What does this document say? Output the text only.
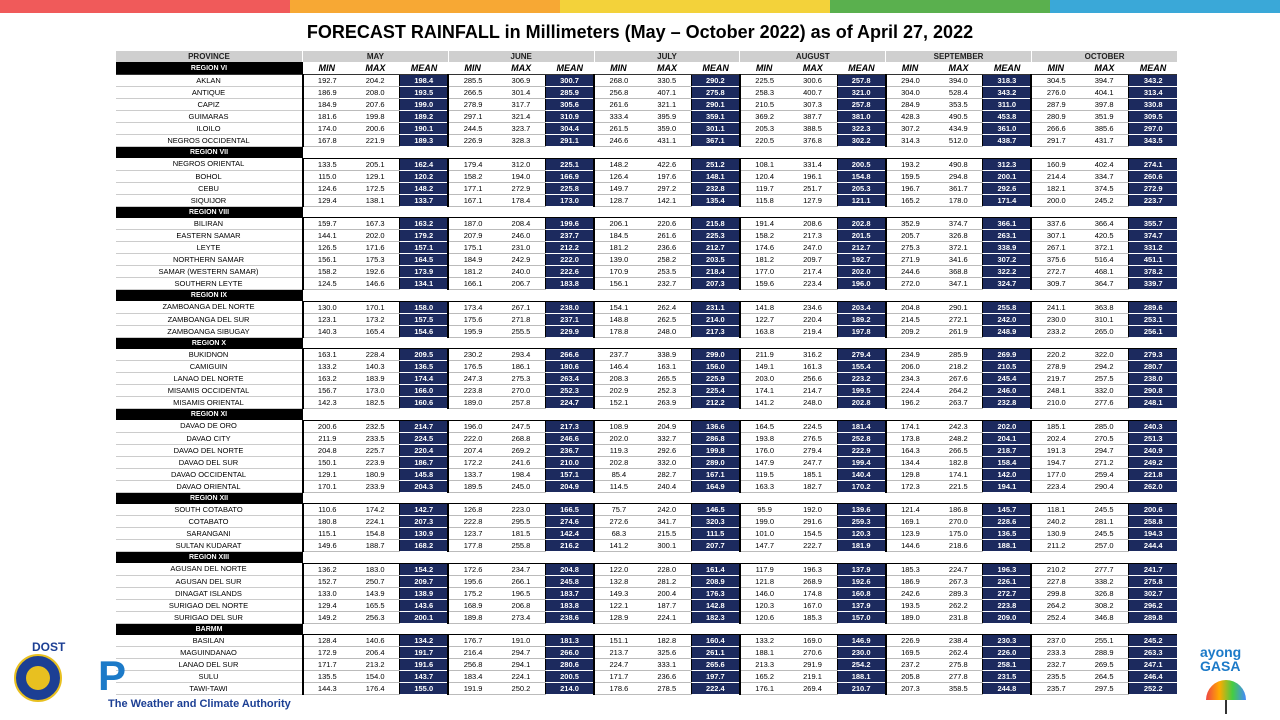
FORECAST RAINFALL in Millimeters (May – October 2022) as of April 27, 2022
PROVINCE	MAY			JUNE			JULY			AUGUST			SEPTEMBER			OCTOBER		
REGION VI	MIN	MAX	MEAN	MIN	MAX	MEAN	MIN	MAX	MEAN	MIN	MAX	MEAN	MIN	MAX	MEAN	MIN	MAX	MEAN
AKLAN	192.7	204.2	198.4	285.5	306.9	300.7	268.0	330.5	290.2	225.5	300.6	257.8	294.0	394.0	318.3	304.5	394.7	343.2
ANTIQUE	186.9	208.0	193.5	266.5	301.4	285.9	256.8	407.1	275.8	258.3	400.7	321.0	304.0	528.4	343.2	276.0	404.1	313.4
CAPIZ	184.9	207.6	199.0	278.9	317.7	305.6	261.6	321.1	290.1	210.5	307.3	257.8	284.9	353.5	311.0	287.9	397.8	330.8
GUIMARAS	181.6	199.8	189.2	297.1	321.4	310.9	333.4	395.9	359.1	369.2	387.7	381.0	428.3	490.5	453.8	280.9	351.9	309.5
ILOILO	174.0	200.6	190.1	244.5	323.7	304.4	261.5	359.0	301.1	205.3	388.5	322.3	307.2	434.9	361.0	266.6	385.6	297.0
NEGROS OCCIDENTAL	167.8	221.9	189.3	226.9	328.3	291.1	246.6	431.1	367.1	220.5	376.8	302.2	314.3	512.0	438.7	291.7	431.7	343.5
REGION VII																		
NEGROS ORIENTAL	133.5	205.1	162.4	179.4	312.0	225.1	148.2	422.6	251.2	108.1	331.4	200.5	193.2	490.8	312.3	160.9	402.4	274.1
BOHOL	115.0	129.1	120.2	158.2	194.0	166.9	126.4	197.6	148.1	120.4	196.1	154.8	159.5	294.8	200.1	214.4	334.7	260.6
CEBU	124.6	172.5	148.2	177.1	272.9	225.8	149.7	297.2	232.8	119.7	251.7	205.3	196.7	361.7	292.6	182.1	374.5	272.9
SIQUIJOR	129.4	138.1	133.7	167.1	178.4	173.0	128.7	142.1	135.4	115.8	127.9	121.1	165.2	178.0	171.4	200.0	245.2	223.7
REGION VIII																		
BILIRAN	159.7	167.3	163.2	187.0	208.4	199.6	206.1	220.6	215.8	191.4	208.6	202.8	352.9	374.7	366.1	337.6	366.4	355.7
EASTERN SAMAR	144.1	202.0	179.2	207.9	246.0	237.7	184.5	261.6	225.3	158.2	217.3	201.5	205.7	326.8	263.1	307.1	420.5	374.7
LEYTE	126.5	171.6	157.1	175.1	231.0	212.2	181.2	236.6	212.7	174.6	247.0	212.7	275.3	372.1	338.9	267.1	372.1	331.2
NORTHERN SAMAR	156.1	175.3	164.5	184.9	242.9	222.0	139.0	258.2	203.5	181.2	209.7	192.7	271.9	341.6	307.2	375.6	516.4	451.1
SAMAR (WESTERN SAMAR)	158.2	192.6	173.9	181.2	240.0	222.6	170.9	253.5	218.4	177.0	217.4	202.0	244.6	368.8	322.2	272.7	468.1	378.2
SOUTHERN LEYTE	124.5	146.6	134.1	166.1	206.7	183.8	156.1	232.7	207.3	159.6	223.4	196.0	272.0	347.1	324.7	309.7	364.7	339.7
REGION IX																		
ZAMBOANGA DEL NORTE	130.0	170.1	158.0	173.4	267.1	238.0	154.1	262.4	231.1	141.8	234.6	203.4	204.8	290.1	255.8	241.1	363.8	289.6
ZAMBOANGA DEL SUR	123.1	173.2	157.5	175.6	271.8	237.1	148.8	262.5	214.0	122.7	220.4	189.2	214.5	272.1	242.0	230.0	310.1	253.1
ZAMBOANGA SIBUGAY	140.3	165.4	154.6	195.9	255.5	229.9	178.8	248.0	217.3	163.8	219.4	197.8	209.2	261.9	248.9	233.2	265.0	256.1
REGION X																		
BUKIDNON	163.1	228.4	209.5	230.2	293.4	266.6	237.7	338.9	299.0	211.9	316.2	279.4	234.9	285.9	269.9	220.2	322.0	279.3
CAMIGUIN	133.2	140.3	136.5	176.5	186.1	180.6	146.4	163.1	156.0	149.1	161.3	155.4	206.0	218.2	210.5	278.9	294.2	280.7
LANAO DEL NORTE	163.2	183.9	174.4	247.3	275.3	263.4	208.3	265.5	225.9	203.0	256.6	223.2	234.3	267.6	245.4	219.7	257.5	238.0
MISAMIS OCCIDENTAL	156.7	173.0	166.0	223.8	270.0	252.3	202.9	252.3	225.4	174.1	214.7	199.5	224.4	264.2	246.0	248.1	332.0	290.8
MISAMIS ORIENTAL	142.3	182.5	160.6	189.0	257.8	224.7	152.1	263.9	212.2	141.2	248.0	202.8	196.2	263.7	232.8	210.0	277.6	248.1
REGION XI																		
DAVAO DE ORO	200.6	232.5	214.7	196.0	247.5	217.3	108.9	204.9	136.6	164.5	224.5	181.4	174.1	242.3	202.0	185.1	285.0	240.3
DAVAO CITY	211.9	233.5	224.5	222.0	268.8	246.6	202.0	332.7	286.8	193.8	276.5	252.8	173.8	248.2	204.1	202.4	270.5	251.3
DAVAO DEL NORTE	204.8	225.7	220.4	207.4	269.2	236.7	119.3	292.6	199.8	176.0	279.4	222.9	164.3	266.5	218.7	191.3	294.7	240.9
DAVAO DEL SUR	150.1	223.9	186.7	172.2	241.6	210.0	202.8	332.0	289.0	147.9	247.7	199.4	134.4	182.8	158.4	194.7	271.2	249.2
DAVAO OCCIDENTAL	129.1	180.9	145.8	133.7	198.4	157.1	85.4	282.7	167.1	119.5	185.1	140.4	129.8	174.1	142.0	177.0	259.4	221.8
DAVAO ORIENTAL	170.1	233.9	204.3	189.5	245.0	204.9	114.5	240.4	164.9	163.3	182.7	170.2	172.3	221.5	194.1	223.4	290.4	262.0
REGION XII																		
SOUTH COTABATO	110.6	174.2	142.7	126.8	223.0	166.5	75.7	242.0	146.5	95.9	192.0	139.6	121.4	186.8	145.7	118.1	245.5	200.6
COTABATO	180.8	224.1	207.3	222.8	295.5	274.6	272.6	341.7	320.3	199.0	291.6	259.3	169.1	270.0	228.6	240.2	281.1	258.8
SARANGANI	115.1	154.8	130.9	123.7	181.5	142.4	68.3	215.5	111.5	101.0	154.5	120.3	123.9	175.0	136.5	130.9	245.5	194.3
SULTAN KUDARAT	149.6	188.7	168.2	177.8	255.8	216.2	141.2	300.1	207.7	147.7	222.7	181.9	144.6	218.6	188.1	211.2	257.0	244.4
REGION XIII																		
AGUSAN DEL NORTE	136.2	183.0	154.2	172.6	234.7	204.8	122.0	228.0	161.4	117.9	196.3	137.9	185.3	224.7	196.3	210.2	277.7	241.7
AGUSAN DEL SUR	152.7	250.7	209.7	195.6	266.1	245.8	132.8	281.2	208.9	121.8	268.9	192.6	186.9	267.3	226.1	227.8	338.2	275.8
DINAGAT ISLANDS	133.0	143.9	138.9	175.2	196.5	183.7	149.3	200.4	176.3	146.0	174.8	160.8	242.6	289.3	272.7	299.8	326.8	302.7
SURIGAO DEL NORTE	129.4	165.5	143.6	168.9	206.8	183.8	122.1	187.7	142.8	120.3	167.0	137.9	193.5	262.2	223.8	264.2	308.2	296.2
SURIGAO DEL SUR	149.2	256.3	200.1	189.8	273.4	238.6	128.9	224.1	182.3	120.6	185.3	157.0	189.0	231.8	209.0	252.4	346.8	289.8
BARMM																		
BASILAN	128.4	140.6	134.2	176.7	191.0	181.3	151.1	182.8	160.4	133.2	169.0	146.9	226.9	238.4	230.3	237.0	255.1	245.2
MAGUINDANAO	172.9	206.4	191.7	216.4	294.7	266.0	213.7	325.6	261.1	188.1	270.6	230.0	169.5	262.4	226.0	233.3	288.9	263.3
LANAO DEL SUR	171.7	213.2	191.6	256.8	294.1	280.6	224.7	333.1	265.6	213.3	291.9	254.2	237.2	275.8	258.1	232.7	269.5	247.1
SULU	135.5	154.0	143.7	183.4	224.1	200.5	171.7	236.6	197.7	165.2	219.1	188.1	205.8	277.8	231.5	235.5	264.5	246.4
TAWI-TAWI	144.3	176.4	155.0	191.9	250.2	214.0	178.6	278.5	222.4	176.1	269.4	210.7	207.3	358.5	244.8	235.7	297.5	252.2
DOST
P
The Weather and Climate Authority
ayong
GASA
